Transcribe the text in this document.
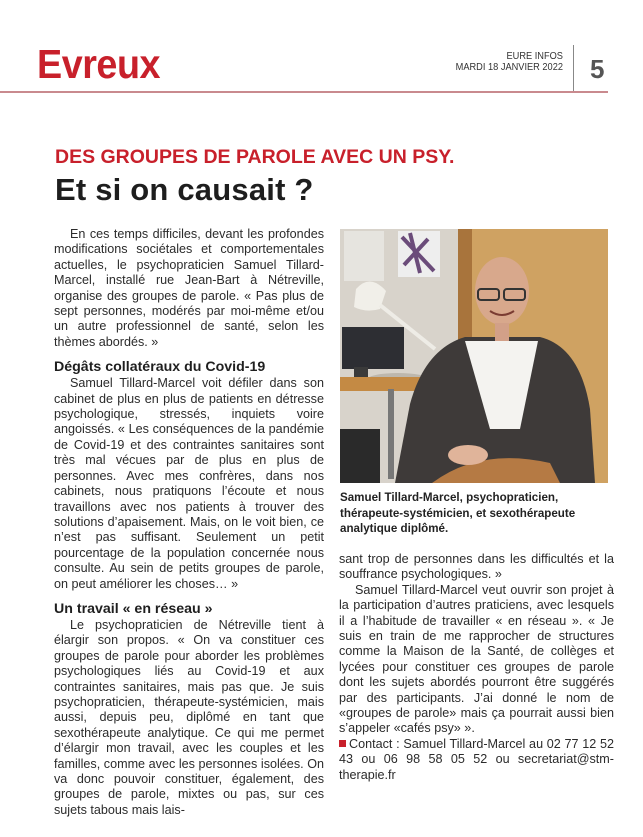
Evreux	EURE INFOS
MARDI 18 JANVIER 2022 5
DES GROUPES DE PAROLE AVEC UN PSY.
Et si on causait ?

En ces temps difficiles, devant les profondes modifications sociétales et comportementales actuelles, le psychopraticien Samuel Tillard-Marcel, installé rue Jean-Bart à Nétreville, organise des groupes de parole. « Pas plus de sept personnes, modérés par moi-même et/ou un autre professionnel de santé, selon les thèmes abordés. »

Dégâts collatéraux du Covid-19

Samuel Tillard-Marcel voit défiler dans son cabinet de plus en plus de patients en détresse psychologique, stressés, inquiets voire angoissés. « Les conséquences de la pandémie de Covid-19 et des contraintes sanitaires sont très mal vécues par de plus en plus de personnes. Avec mes confrères, dans nos cabinets, nous pratiquons l’écoute et nous travaillons avec nos patients à trouver des solutions d’apaisement. Mais, on le voit bien, ce n’est pas suffisant. Seulement un petit pourcentage de la population concernée nous consulte. Au sein de petits groupes de parole, on peut améliorer les choses… »

Un travail « en réseau »

Le psychopraticien de Nétreville tient à élargir son propos. « On va constituer ces groupes de parole pour aborder les problèmes psychologiques liés au Covid-19 et aux contraintes sanitaires, mais pas que. Je suis psychopraticien, thérapeute-systémicien, mais aussi, depuis peu, diplômé en tant que sexothérapeute analytique. Ce qui me permet d’élargir mon travail, avec les couples et les familles, comme avec les personnes isolées. On va donc pouvoir constituer, également, des groupes de parole, mixtes ou pas, sur ces sujets tabous mais lais-

Samuel Tillard-Marcel, psychopraticien, thérapeute-systémicien, et sexothérapeute analytique diplômé.

sant trop de personnes dans les difficultés et la souffrance psychologiques. »

Samuel Tillard-Marcel veut ouvrir son projet à la participation d’autres praticiens, avec lesquels il a l’habitude de travailler « en réseau ». « Je suis en train de me rapprocher de structures comme la Maison de la Santé, de collèges et lycées pour constituer ces groupes de parole dont les sujets abordés pourront être suggérés par des participants. J’ai donné le nom de «groupes de parole» mais ça pourrait aussi bien s’appeler «cafés psy» ».

Contact : Samuel Tillard-Marcel au 02 77 12 52 43 ou 06 98 58 05 52 ou secretariat@stm-therapie.fr
